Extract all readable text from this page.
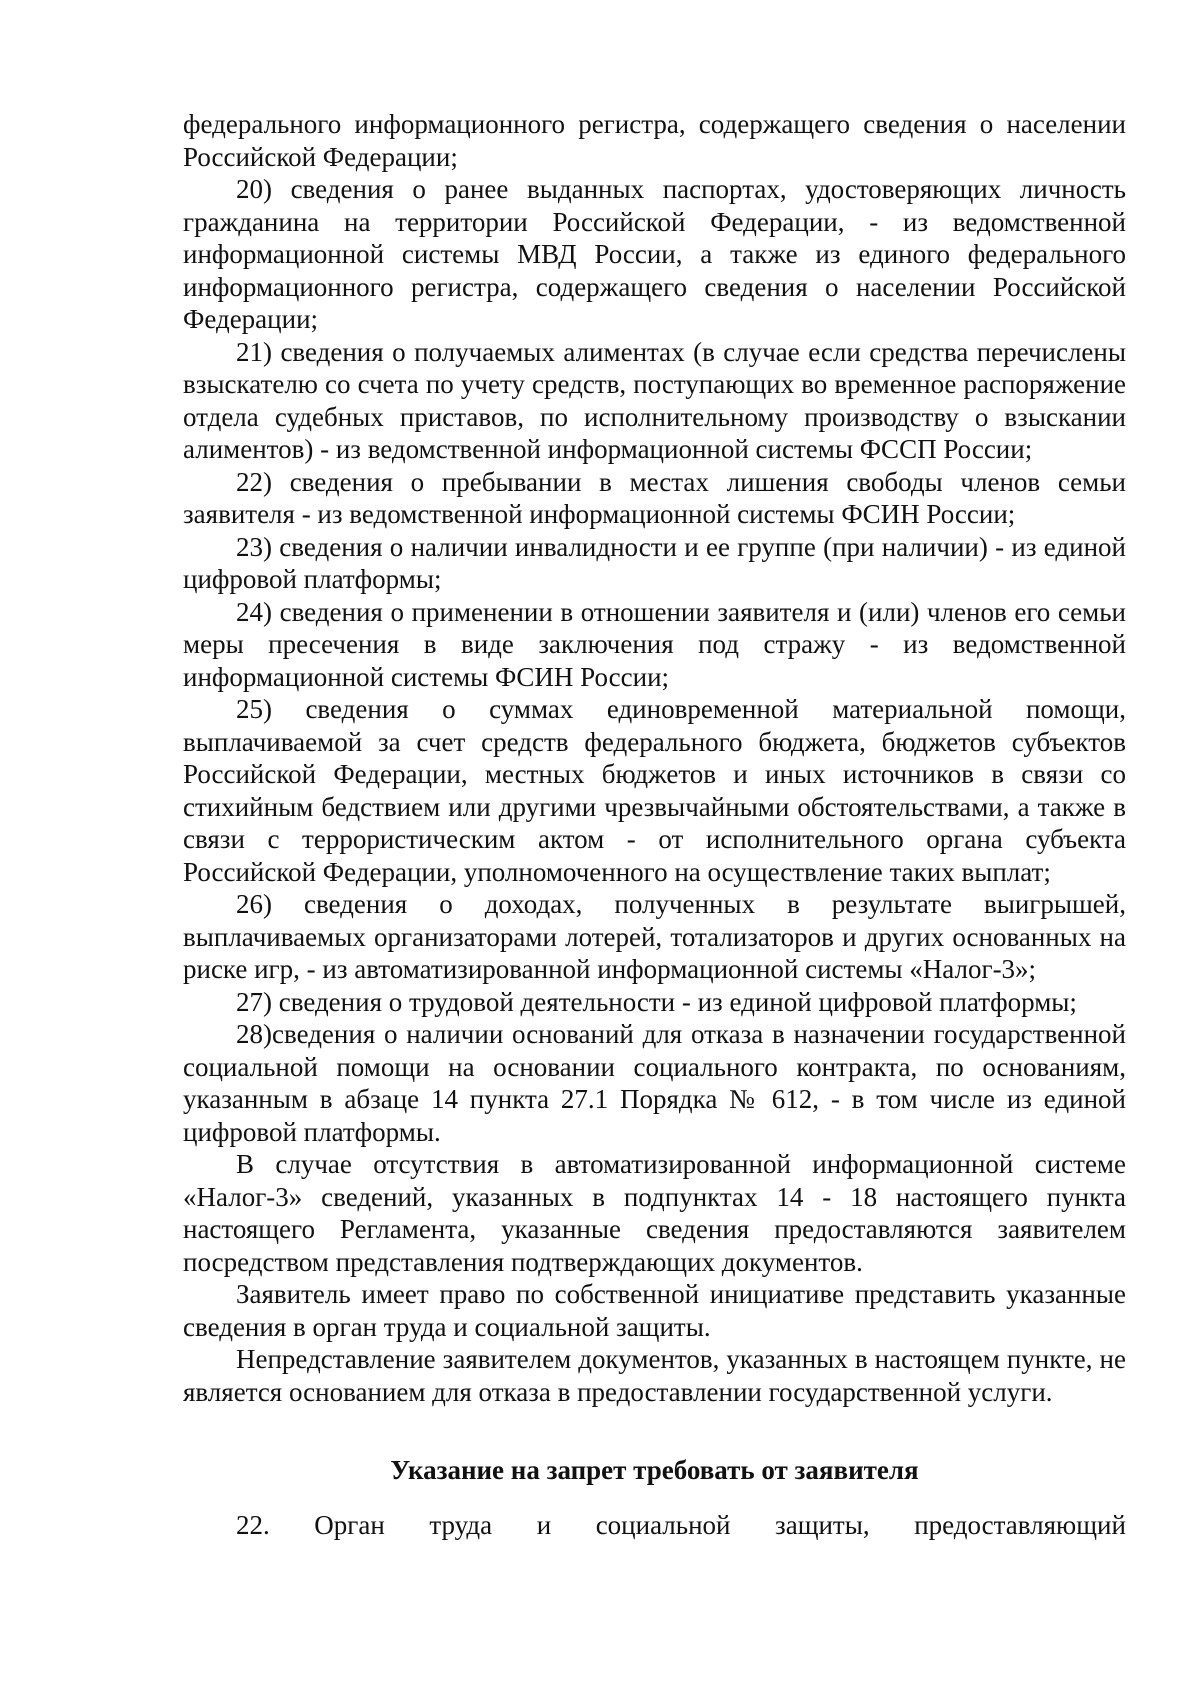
федерального информационного регистра, содержащего сведения о населении Российской Федерации;

20) сведения о ранее выданных паспортах, удостоверяющих личность гражданина на территории Российской Федерации, - из ведомственной информационной системы МВД России, а также из единого федерального информационного регистра, содержащего сведения о населении Российской Федерации;

21) сведения о получаемых алиментах (в случае если средства перечислены взыскателю со счета по учету средств, поступающих во временное распоряжение отдела судебных приставов, по исполнительному производству о взыскании алиментов) - из ведомственной информационной системы ФССП России;

22) сведения о пребывании в местах лишения свободы членов семьи заявителя - из ведомственной информационной системы ФСИН России;

23) сведения о наличии инвалидности и ее группе (при наличии) - из единой цифровой платформы;

24) сведения о применении в отношении заявителя и (или) членов его семьи меры пресечения в виде заключения под стражу - из ведомственной информационной системы ФСИН России;

25) сведения о суммах единовременной материальной помощи, выплачиваемой за счет средств федерального бюджета, бюджетов субъектов Российской Федерации, местных бюджетов и иных источников в связи со стихийным бедствием или другими чрезвычайными обстоятельствами, а также в связи с террористическим актом - от исполнительного органа субъекта Российской Федерации, уполномоченного на осуществление таких выплат;

26) сведения о доходах, полученных в результате выигрышей, выплачиваемых организаторами лотерей, тотализаторов и других основанных на риске игр, - из автоматизированной информационной системы «Налог-3»;

27) сведения о трудовой деятельности - из единой цифровой платформы;

28)сведения о наличии оснований для отказа в назначении государственной социальной помощи на основании социального контракта, по основаниям, указанным в абзаце 14 пункта 27.1 Порядка № 612, - в том числе из единой цифровой платформы.

В случае отсутствия в автоматизированной информационной системе «Налог-3» сведений, указанных в подпунктах 14 - 18 настоящего пункта настоящего Регламента, указанные сведения предоставляются заявителем посредством представления подтверждающих документов.

Заявитель имеет право по собственной инициативе представить указанные сведения в орган труда и социальной защиты.

Непредставление заявителем документов, указанных в настоящем пункте, не является основанием для отказа в предоставлении государственной услуги.

Указание на запрет требовать от заявителя

22. Орган труда и социальной защиты, предоставляющий
